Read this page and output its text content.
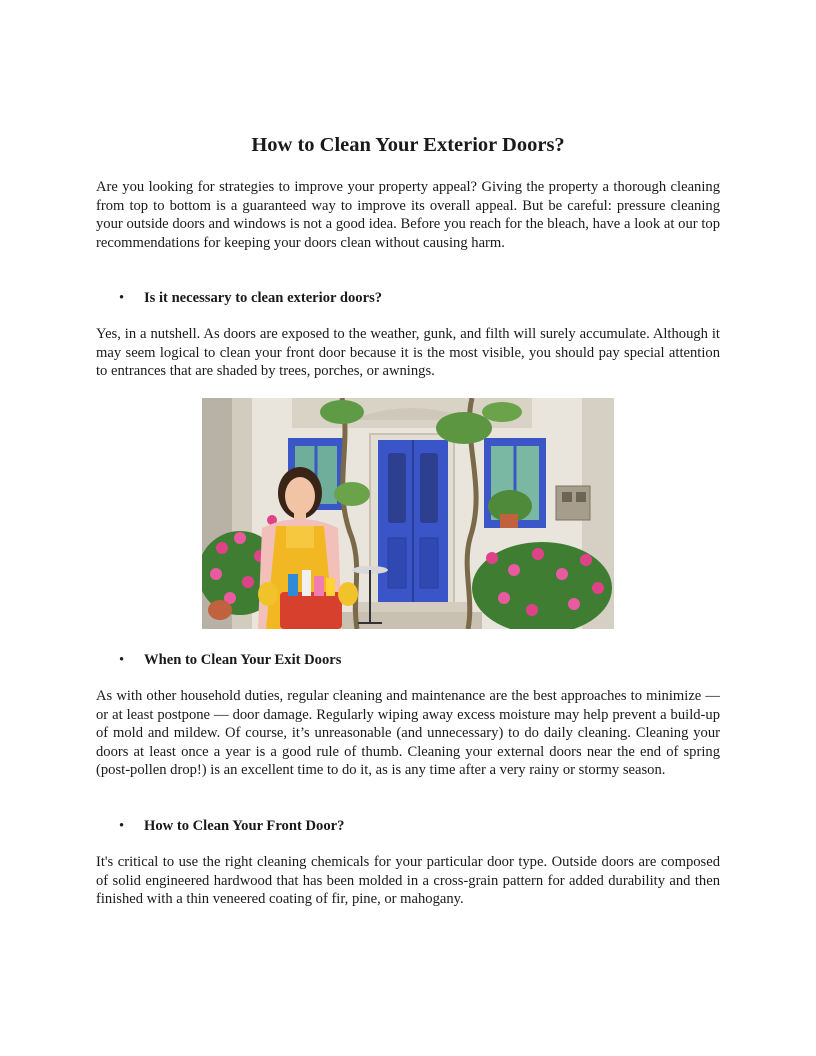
How to Clean Your Exterior Doors?

Are you looking for strategies to improve your property appeal? Giving the property a thorough cleaning from top to bottom is a guaranteed way to improve its overall appeal. But be careful: pressure cleaning your outside doors and windows is not a good idea. Before you reach for the bleach, have a look at our top recommendations for keeping your doors clean without causing harm.

• Is it necessary to clean exterior doors?

Yes, in a nutshell. As doors are exposed to the weather, gunk, and filth will surely accumulate. Although it may seem logical to clean your front door because it is the most visible, you should pay special attention to entrances that are shaded by trees, porches, or awnings.

• When to Clean Your Exit Doors

As with other household duties, regular cleaning and maintenance are the best approaches to minimize — or at least postpone — door damage. Regularly wiping away excess moisture may help prevent a build-up of mold and mildew. Of course, it’s unreasonable (and unnecessary) to do daily cleaning. Cleaning your doors at least once a year is a good rule of thumb. Cleaning your external doors near the end of spring (post-pollen drop!) is an excellent time to do it, as is any time after a very rainy or stormy season.

• How to Clean Your Front Door?

It's critical to use the right cleaning chemicals for your particular door type. Outside doors are composed of solid engineered hardwood that has been molded in a cross-grain pattern for added durability and then finished with a thin veneered coating of fir, pine, or mahogany.
